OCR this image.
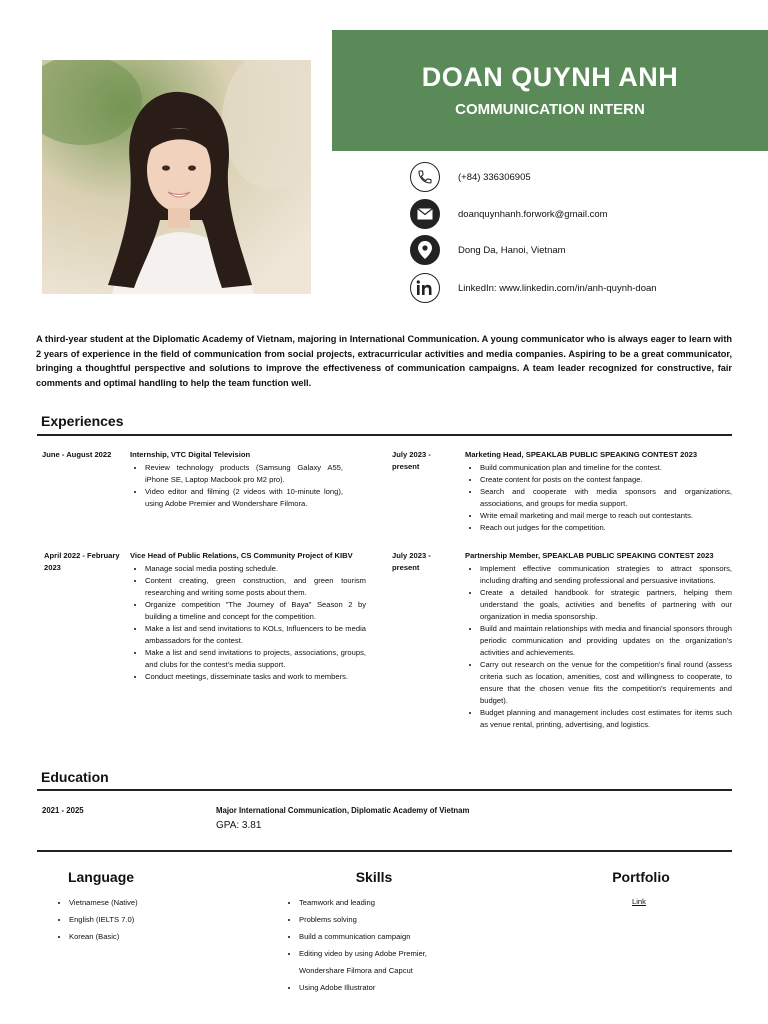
DOAN QUYNH ANH
COMMUNICATION INTERN
(+84) 336306905
doanquynhanh.forwork@gmail.com
Dong Da, Hanoi, Vietnam
LinkedIn: www.linkedin.com/in/anh-quynh-doan
A third-year student at the Diplomatic Academy of Vietnam, majoring in International Communication. A young communicator who is always eager to learn with 2 years of experience in the field of communication from social projects, extracurricular activities and media companies. Aspiring to be a great communicator, bringing a thoughtful perspective and solutions to improve the effectiveness of communication campaigns. A team leader recognized for constructive, fair comments and optimal handling to help the team function well.
Experiences
June - August 2022	Internship, VTC Digital Television
• Review technology products (Samsung Galaxy A55, iPhone SE, Laptop Macbook pro M2 pro).
• Video editor and filming (2 videos with 10-minute long), using Adobe Premier and Wondershare Filmora.
July 2023 - present
Marketing Head, SPEAKLAB PUBLIC SPEAKING CONTEST 2023
• Build communication plan and timeline for the contest.
• Create content for posts on the contest fanpage.
• Search and cooperate with media sponsors and organizations, associations, and groups for media support.
• Write email marketing and mail merge to reach out contestants.
• Reach out judges for the competition.
April 2022 - February 2023
Vice Head of Public Relations, CS Community Project of KIBV
• Manage social media posting schedule.
• Content creating, green construction, and green tourism researching and writing some posts about them.
• Organize competition "The Journey of Baya" Season 2 by building a timeline and concept for the competition.
• Make a list and send invitations to KOLs, Influencers to be media ambassadors for the contest.
• Make a list and send invitations to projects, associations, groups, and clubs for the contest's media support.
• Conduct meetings, disseminate tasks and work to members.
July 2023 - present
Partnership Member, SPEAKLAB PUBLIC SPEAKING CONTEST 2023
• Implement effective communication strategies to attract sponsors, including drafting and sending professional and persuasive invitations.
• Create a detailed handbook for strategic partners, helping them understand the goals, activities and benefits of partnering with our organization in media sponsorship.
• Build and maintain relationships with media and financial sponsors through periodic communication and providing updates on the organization's activities and achievements.
• Carry out research on the venue for the competition's final round (assess criteria such as location, amenities, cost and willingness to cooperate, to ensure that the chosen venue fits the competition's requirements and budget).
• Budget planning and management includes cost estimates for items such as venue rental, printing, advertising, and logistics.
Education
2021 - 2025	Major International Communication, Diplomatic Academy of Vietnam
GPA: 3.81
Language
• Vietnamese (Native)
• English (IELTS 7.0)
• Korean (Basic)
Skills
• Teamwork and leading
• Problems solving
• Build a communication campaign
• Editing video by using Adobe Premier, Wondershare Filmora and Capcut
• Using Adobe Illustrator
Portfolio
Link
